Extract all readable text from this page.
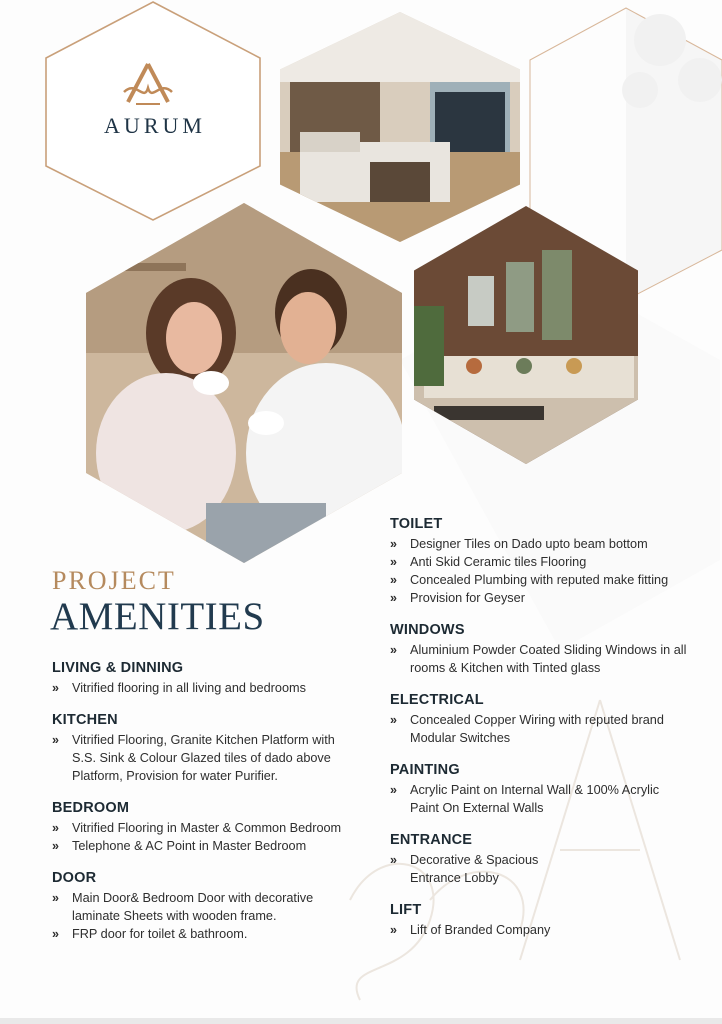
AURUM
PROJECT
AMENITIES
LIVING & DINNING
» Vitrified flooring in all living and bedrooms
KITCHEN
» Vitrified Flooring, Granite Kitchen Platform with S.S. Sink & Colour Glazed tiles of dado above Platform, Provision for water Purifier.
BEDROOM
» Vitrified Flooring in Master & Common Bedroom
» Telephone & AC Point in Master Bedroom
DOOR
» Main Door& Bedroom Door with decorative laminate Sheets with wooden frame.
» FRP door for toilet & bathroom.
TOILET
» Designer Tiles on Dado upto beam bottom
» Anti Skid Ceramic tiles Flooring
» Concealed Plumbing with reputed make fitting
» Provision for Geyser
WINDOWS
» Aluminium Powder Coated Sliding Windows in all rooms & Kitchen with Tinted glass
ELECTRICAL
» Concealed Copper Wiring with reputed brand Modular Switches
PAINTING
» Acrylic Paint on Internal Wall & 100% Acrylic Paint On External Walls
ENTRANCE
» Decorative & Spacious Entrance Lobby
LIFT
» Lift of Branded Company
